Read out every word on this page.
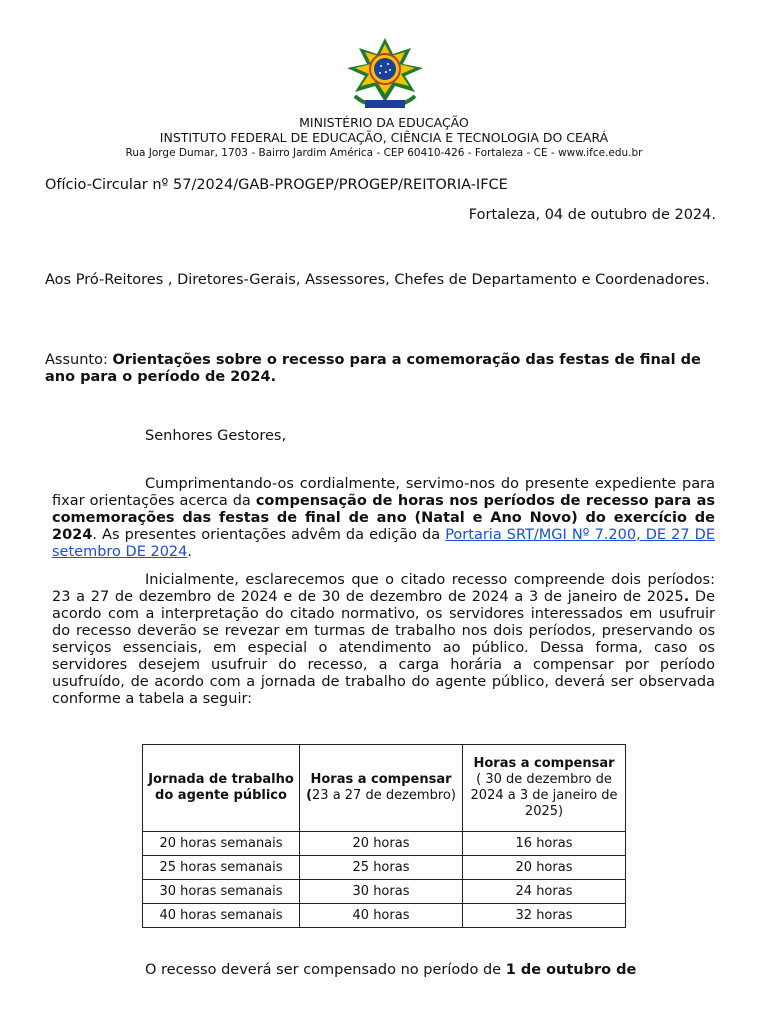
MINISTÉRIO DA EDUCAÇÃO
INSTITUTO FEDERAL DE EDUCAÇÃO, CIÊNCIA E TECNOLOGIA DO CEARÁ
Rua Jorge Dumar, 1703 - Bairro Jardim América - CEP 60410-426 - Fortaleza - CE - www.ifce.edu.br
Ofício-Circular nº 57/2024/GAB-PROGEP/PROGEP/REITORIA-IFCE
Fortaleza, 04 de outubro de 2024.
Aos Pró-Reitores , Diretores-Gerais, Assessores, Chefes de Departamento e Coordenadores.
Assunto: Orientações sobre o recesso para a comemoração das festas de final de ano para o período de 2024.
Senhores Gestores,
Cumprimentando-os cordialmente, servimo-nos do presente expediente para fixar orientações acerca da compensação de horas nos períodos de recesso para as comemorações das festas de final de ano (Natal e Ano Novo) do exercício de 2024. As presentes orientações advêm da edição da Portaria SRT/MGI Nº 7.200, DE 27 DE setembro DE 2024.
Inicialmente, esclarecemos que o citado recesso compreende dois períodos: 23 a 27 de dezembro de 2024 e de 30 de dezembro de 2024 a 3 de janeiro de 2025. De acordo com a interpretação do citado normativo, os servidores interessados em usufruir do recesso deverão se revezar em turmas de trabalho nos dois períodos, preservando os serviços essenciais, em especial o atendimento ao público. Dessa forma, caso os servidores desejem usufruir do recesso, a carga horária a compensar por período usufruído, de acordo com a jornada de trabalho do agente público, deverá ser observada conforme a tabela a seguir:
Jornada de trabalho do agente público	Horas a compensar (23 a 27 de dezembro)	Horas a compensar
( 30 de dezembro de 2024 a 3 de janeiro de 2025)
20 horas semanais	20 horas	16 horas
25 horas semanais	25 horas	20 horas
30 horas semanais	30 horas	24 horas
40 horas semanais	40 horas	32 horas
O recesso deverá ser compensado no período de 1 de outubro de
